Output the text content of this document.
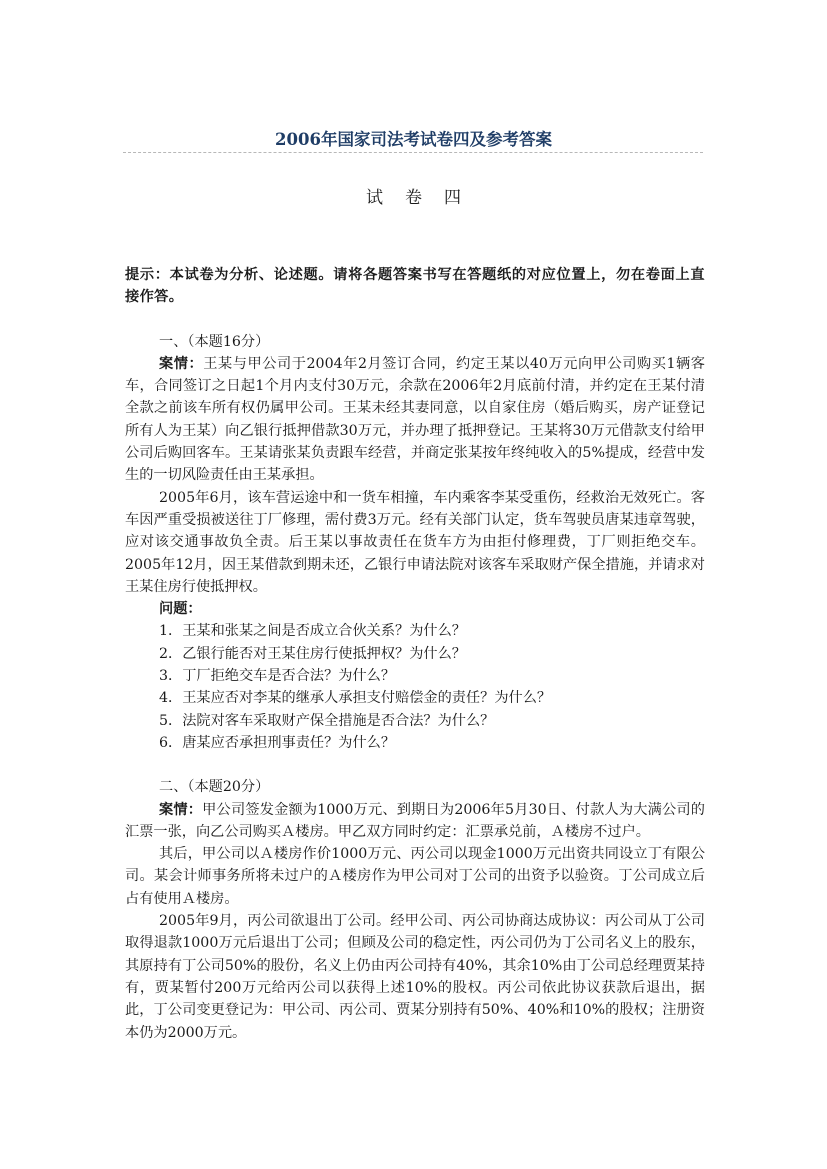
2006年国家司法考试卷四及参考答案
试卷四
提示：本试卷为分析、论述题。请将各题答案书写在答题纸的对应位置上，勿在卷面上直接作答。
一、（本题16分）

案情：王某与甲公司于2004年2月签订合同，约定王某以40万元向甲公司购买1辆客车，合同签订之日起1个月内支付30万元，余款在2006年2月底前付清，并约定在王某付清全款之前该车所有权仍属甲公司。王某未经其妻同意，以自家住房（婚后购买，房产证登记所有人为王某）向乙银行抵押借款30万元，并办理了抵押登记。王某将30万元借款支付给甲公司后购回客车。王某请张某负责跟车经营，并商定张某按年终纯收入的5%提成，经营中发生的一切风险责任由王某承担。

2005年6月，该车营运途中和一货车相撞，车内乘客李某受重伤，经救治无效死亡。客车因严重受损被送往丁厂修理，需付费3万元。经有关部门认定，货车驾驶员唐某违章驾驶，应对该交通事故负全责。后王某以事故责任在货车方为由拒付修理费，丁厂则拒绝交车。2005年12月，因王某借款到期未还，乙银行申请法院对该客车采取财产保全措施，并请求对王某住房行使抵押权。

问题：
1．王某和张某之间是否成立合伙关系？为什么？
2．乙银行能否对王某住房行使抵押权？为什么？
3．丁厂拒绝交车是否合法？为什么？
4．王某应否对李某的继承人承担支付赔偿金的责任？为什么？
5．法院对客车采取财产保全措施是否合法？为什么？
6．唐某应否承担刑事责任？为什么？
二、（本题20分）

案情：甲公司签发金额为1000万元、到期日为2006年5月30日、付款人为大满公司的汇票一张，向乙公司购买Ａ楼房。甲乙双方同时约定：汇票承兑前，Ａ楼房不过户。

其后，甲公司以Ａ楼房作价1000万元、丙公司以现金1000万元出资共同设立丁有限公司。某会计师事务所将未过户的Ａ楼房作为甲公司对丁公司的出资予以验资。丁公司成立后占有使用Ａ楼房。

2005年9月，丙公司欲退出丁公司。经甲公司、丙公司协商达成协议：丙公司从丁公司取得退款1000万元后退出丁公司；但顾及公司的稳定性，丙公司仍为丁公司名义上的股东，其原持有丁公司50%的股份，名义上仍由丙公司持有40%，其余10%由丁公司总经理贾某持有，贾某暂付200万元给丙公司以获得上述10%的股权。丙公司依此协议获款后退出，据此，丁公司变更登记为：甲公司、丙公司、贾某分别持有50%、40%和10%的股权；注册资本仍为2000万元。
